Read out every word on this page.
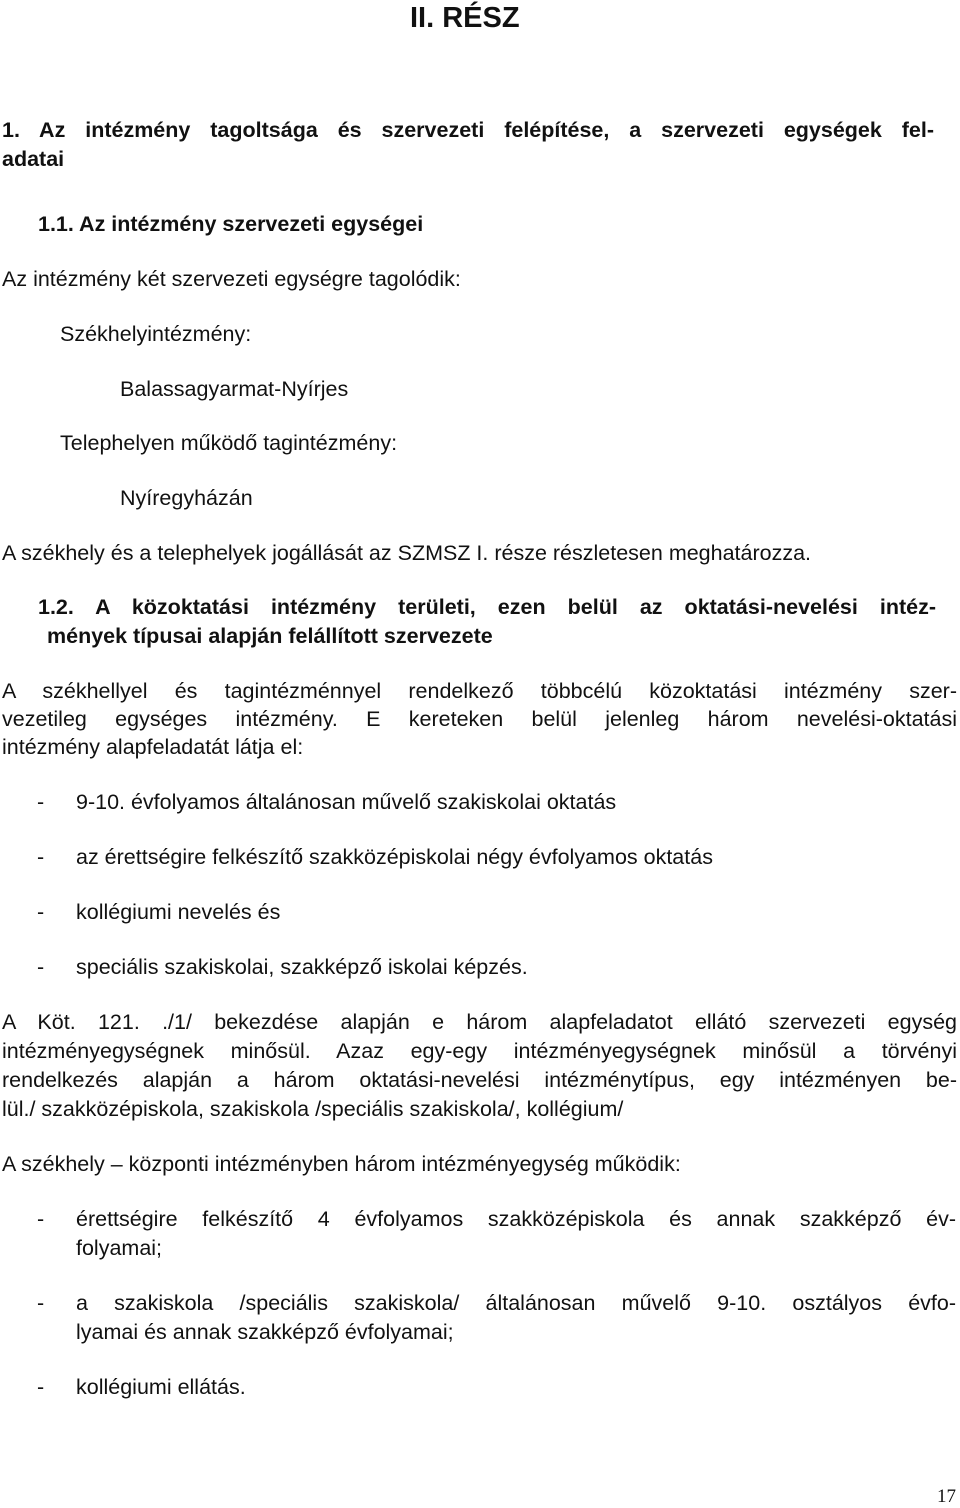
II. RÉSZ
1. Az intézmény tagoltsága és szervezeti felépítése, a szervezeti egységek fel-
adatai
1.1. Az intézmény szervezeti egységei
Az intézmény két szervezeti egységre tagolódik:
Székhelyintézmény:
Balassagyarmat-Nyírjes
Telephelyen működő tagintézmény:
Nyíregyházán
A székhely és a telephelyek jogállását az SZMSZ I. része részletesen meghatározza.
1.2. A közoktatási intézmény területi, ezen belül az oktatási-nevelési intéz-
mények típusai alapján felállított szervezete
A székhellyel és tagintézménnyel rendelkező többcélú közoktatási intézmény szer-
vezetileg egységes intézmény. E kereteken belül jelenleg három nevelési-oktatási
intézmény alapfeladatát látja el:
- 9-10. évfolyamos általánosan művelő szakiskolai oktatás
- az érettségire felkészítő szakközépiskolai négy évfolyamos oktatás
- kollégiumi nevelés és
- speciális szakiskolai, szakképző iskolai képzés.
A Köt. 121. ./1/ bekezdése alapján e három alapfeladatot ellátó szervezeti egység
intézményegységnek minősül. Azaz egy-egy intézményegységnek minősül a törvényi
rendelkezés alapján a három oktatási-nevelési intézménytípus, egy intézményen be-
lül./ szakközépiskola, szakiskola /speciális szakiskola/, kollégium/
A székhely – központi intézményben három intézményegység működik:
- érettségire felkészítő 4 évfolyamos szakközépiskola és annak szakképző év-
folyamai;
- a szakiskola /speciális szakiskola/ általánosan művelő 9-10. osztályos évfo-
lyamai és annak szakképző évfolyamai;
- kollégiumi ellátás.
17
